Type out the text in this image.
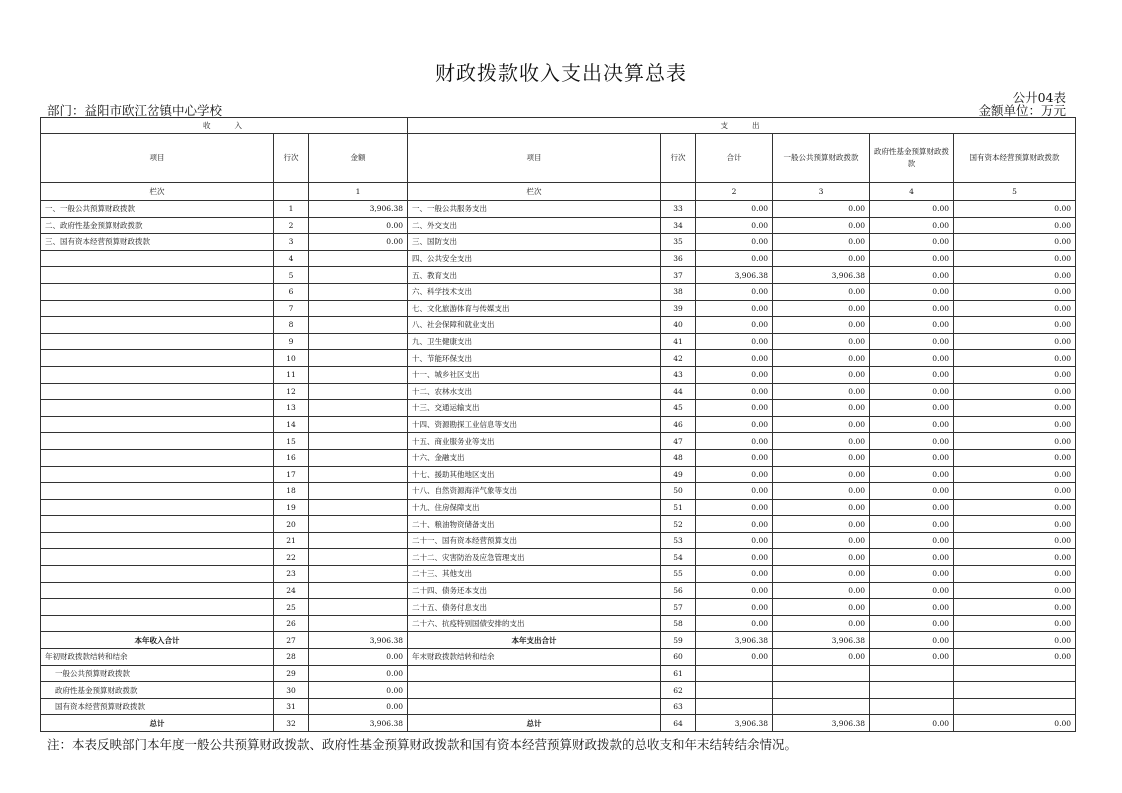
财政拨款收入支出决算总表
公廾04表
部门：益阳市欧江岔镇中心学校	金额单位：万元
收　　入			支　　出					
项目	行次	金额	项目	行次	合计	一般公共预算财政拨款	政府性基金预算财政拨款	国有资本经营预算财政拨款
栏次		1	栏次		2	3	4	5
一、一般公共预算财政拨款	1	3,906.38	一、一般公共服务支出	33	0.00	0.00	0.00	0.00
二、政府性基金预算财政拨款	2	0.00	二、外交支出	34	0.00	0.00	0.00	0.00
三、国有资本经营预算财政拨款	3	0.00	三、国防支出	35	0.00	0.00	0.00	0.00
	4		四、公共安全支出	36	0.00	0.00	0.00	0.00
	5		五、教育支出	37	3,906.38	3,906.38	0.00	0.00
	6		六、科学技术支出	38	0.00	0.00	0.00	0.00
	7		七、文化旅游体育与传媒支出	39	0.00	0.00	0.00	0.00
	8		八、社会保障和就业支出	40	0.00	0.00	0.00	0.00
	9		九、卫生健康支出	41	0.00	0.00	0.00	0.00
	10		十、节能环保支出	42	0.00	0.00	0.00	0.00
	11		十一、城乡社区支出	43	0.00	0.00	0.00	0.00
	12		十二、农林水支出	44	0.00	0.00	0.00	0.00
	13		十三、交通运输支出	45	0.00	0.00	0.00	0.00
	14		十四、资源勘探工业信息等支出	46	0.00	0.00	0.00	0.00
	15		十五、商业服务业等支出	47	0.00	0.00	0.00	0.00
	16		十六、金融支出	48	0.00	0.00	0.00	0.00
	17		十七、援助其他地区支出	49	0.00	0.00	0.00	0.00
	18		十八、自然资源海洋气象等支出	50	0.00	0.00	0.00	0.00
	19		十九、住房保障支出	51	0.00	0.00	0.00	0.00
	20		二十、粮油物资储备支出	52	0.00	0.00	0.00	0.00
	21		二十一、国有资本经营预算支出	53	0.00	0.00	0.00	0.00
	22		二十二、灾害防治及应急管理支出	54	0.00	0.00	0.00	0.00
	23		二十三、其他支出	55	0.00	0.00	0.00	0.00
	24		二十四、债务还本支出	56	0.00	0.00	0.00	0.00
	25		二十五、债务付息支出	57	0.00	0.00	0.00	0.00
	26		二十六、抗疫特别国债安排的支出	58	0.00	0.00	0.00	0.00
本年收入合计	27	3,906.38	本年支出合计	59	3,906.38	3,906.38	0.00	0.00
年初财政拨款结转和结余	28	0.00	年末财政拨款结转和结余	60	0.00	0.00	0.00	0.00
一般公共预算财政拨款	29	0.00		61				
政府性基金预算财政拨款	30	0.00		62				
国有资本经营预算财政拨款	31	0.00		63				
总计	32	3,906.38	总计	64	3,906.38	3,906.38	0.00	0.00
注：本表反映部门本年度一般公共预算财政拨款、政府性基金预算财政拨款和国有资本经营预算财政拨款的总收支和年末结转结余情况。
